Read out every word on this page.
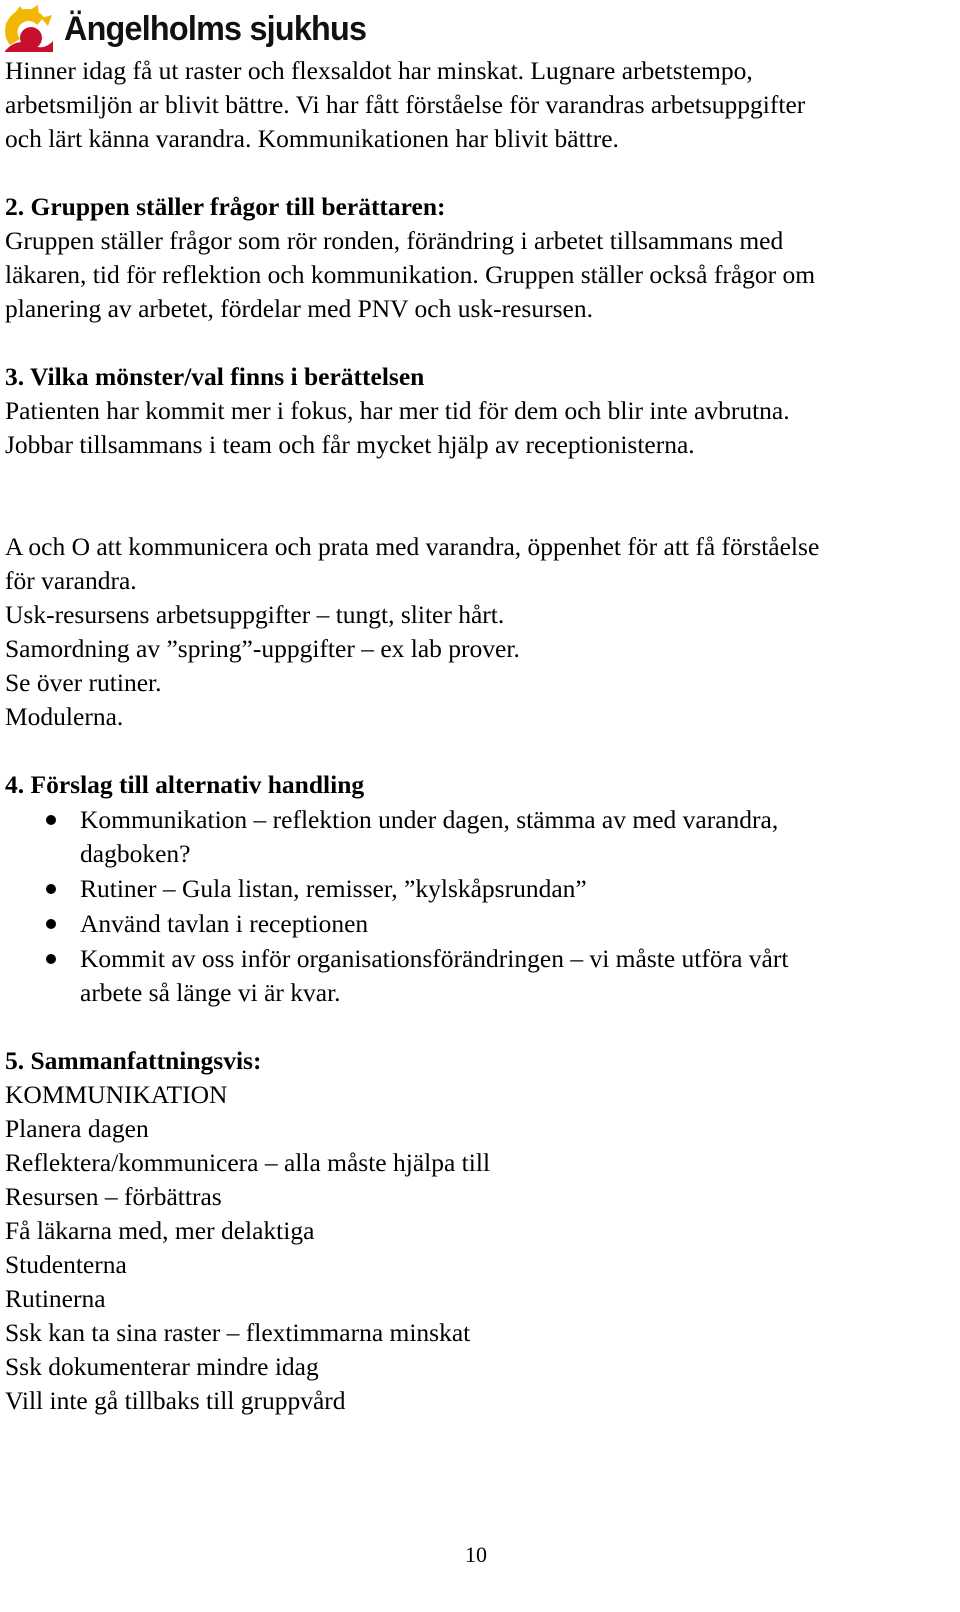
Ängelholms sjukhus

Hinner idag få ut raster och flexsaldot har minskat. Lugnare arbetstempo,

arbetsmiljön ar blivit bättre. Vi har fått förståelse för varandras arbetsuppgifter

och lärt känna varandra. Kommunikationen har blivit bättre.

2. Gruppen ställer frågor till berättaren:

Gruppen ställer frågor som rör ronden, förändring i arbetet tillsammans med

läkaren, tid för reflektion och kommunikation. Gruppen ställer också frågor om

planering av arbetet, fördelar med PNV och usk-resursen.

3. Vilka mönster/val finns i berättelsen

Patienten har kommit mer i fokus, har mer tid för dem och blir inte avbrutna.

Jobbar tillsammans i team och får mycket hjälp av receptionisterna.

A och O att kommunicera och prata med varandra, öppenhet för att få förståelse

för varandra.

Usk-resursens arbetsuppgifter – tungt, sliter hårt.

Samordning av ”spring”-uppgifter – ex lab prover.

Se över rutiner.

Modulerna.

4. Förslag till alternativ handling

Kommunikation – reflektion under dagen, stämma av med varandra,

dagboken?

Rutiner – Gula listan, remisser, ”kylskåpsrundan”

Använd tavlan i receptionen

Kommit av oss inför organisationsförändringen – vi måste utföra vårt

arbete så länge vi är kvar.

5. Sammanfattningsvis:

KOMMUNIKATION

Planera dagen

Reflektera/kommunicera – alla måste hjälpa till

Resursen – förbättras

Få läkarna med, mer delaktiga

Studenterna

Rutinerna

Ssk kan ta sina raster – flextimmarna minskat

Ssk dokumenterar mindre idag

Vill inte gå tillbaks till gruppvård

10
